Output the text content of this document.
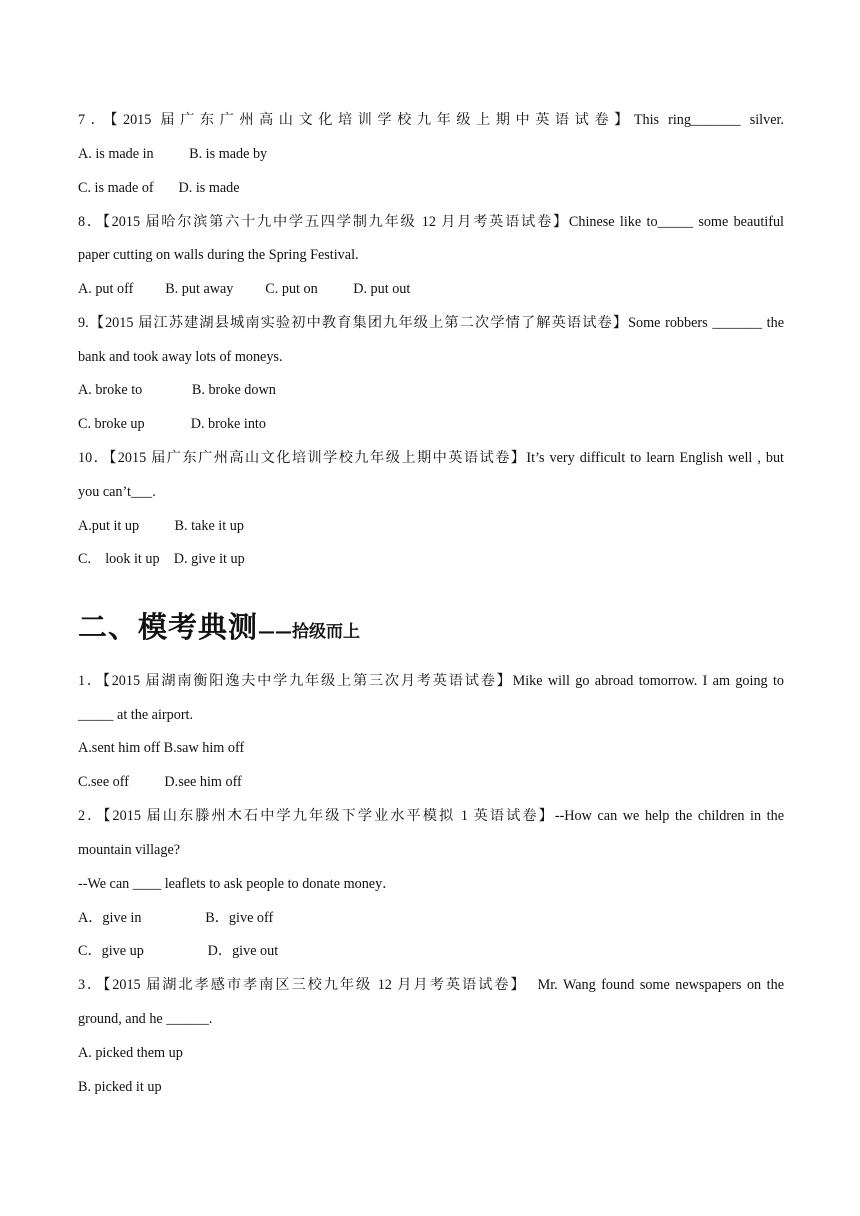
7．【2015 届广东广州高山文化培训学校九年级上期中英语试卷】This ring_______ silver.
A. is made in          B. is made by
C. is made of       D. is made
8．【2015 届哈尔滨第六十九中学五四学制九年级 12 月月考英语试卷】Chinese like to_____ some beautiful
paper cutting on walls during the Spring Festival.
A. put off         B. put away         C. put on          D. put out
9.【2015 届江苏建湖县城南实验初中教育集团九年级上第二次学情了解英语试卷】Some robbers _______ the
bank and took away lots of moneys.
A. broke to              B. broke down
C. broke up             D. broke into
10．【2015 届广东广州高山文化培训学校九年级上期中英语试卷】It’s very difficult to learn English well , but
you can’t___.
A.put it up          B. take it up
C.    look it up    D. give it up
二、模考典测——拾级而上
1．【2015 届湖南衡阳逸夫中学九年级上第三次月考英语试卷】Mike will go abroad tomorrow. I am going to
_____ at the airport.
A.sent him off B.saw him off
C.see off          D.see him off
2．【2015 届山东滕州木石中学九年级下学业水平模拟 1 英语试卷】--How can we help the children in the
mountain village?
--We can ____ leaflets to ask people to donate money．
A．give in                  B．give off
C．give up                  D．give out
3．【2015 届湖北孝感市孝南区三校九年级 12 月月考英语试卷】  Mr. Wang found some newspapers on the
ground, and he ______.
A. picked them up
B. picked it up
